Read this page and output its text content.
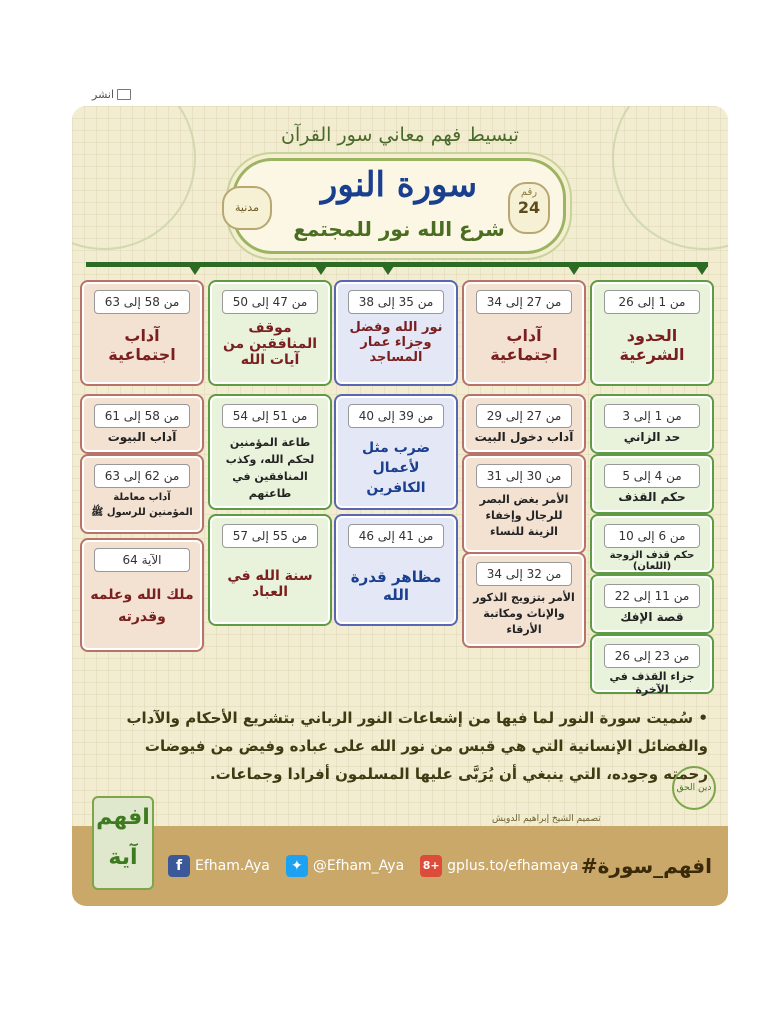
انشر
تبسيط فهم معاني سور القرآن
سورة النور
شرع الله نور للمجتمع
رقم
24
مدنية
من 1 إلى 26
الحدود الشرعية
من 27 إلى 34
آداب اجتماعية
من 35 إلى 38
نور الله وفضل وجزاء عمار المساجد
من 47 إلى 50
موقف المنافقين من آيات الله
من 58 إلى 63
آداب اجتماعية
من 1 إلى 3
حد الزاني
من 4 إلى 5
حكم القذف
من 6 إلى 10
حكم قذف الزوجة (اللعان)
من 11 إلى 22
قصة الإفك
من 23 إلى 26
جزاء القذف في الآخرة
من 27 إلى 29
آداب دخول البيت
من 30 إلى 31
الأمر بغض البصر للرجال وإخفاء الزينة للنساء
من 32 إلى 34
الأمر بتزويج الذكور والإناث ومكاتبة الأرقاء
من 39 إلى 40
ضرب مثل لأعمال الكافرين
من 41 إلى 46
مظاهر قدرة الله
من 51 إلى 54
طاعة المؤمنين لحكم الله، وكذب المنافقين في طاعتهم
من 55 إلى 57
سنة الله في العباد
من 58 إلى 61
آداب البيوت
من 62 إلى 63
آداب معاملة المؤمنين للرسول ﷺ
الآية 64
ملك الله وعلمه وقدرته
• سُميت سورة النور لما فيها من إشعاعات النور الرباني بتشريع الأحكام والآداب والفضائل الإنسانية التي هي قبس من نور الله على عباده وفيض من فيوضات رحمته وجوده، التي ينبغي أن يُرَبَّى عليها المسلمون أفرادا وجماعات.
دين الحق
تصميم الشيخ إبراهيم الدويش
f Efham.Aya	✦ @Efham_Aya 8+ gplus.to/efhamaya #افهم_سورة
افهم آية
